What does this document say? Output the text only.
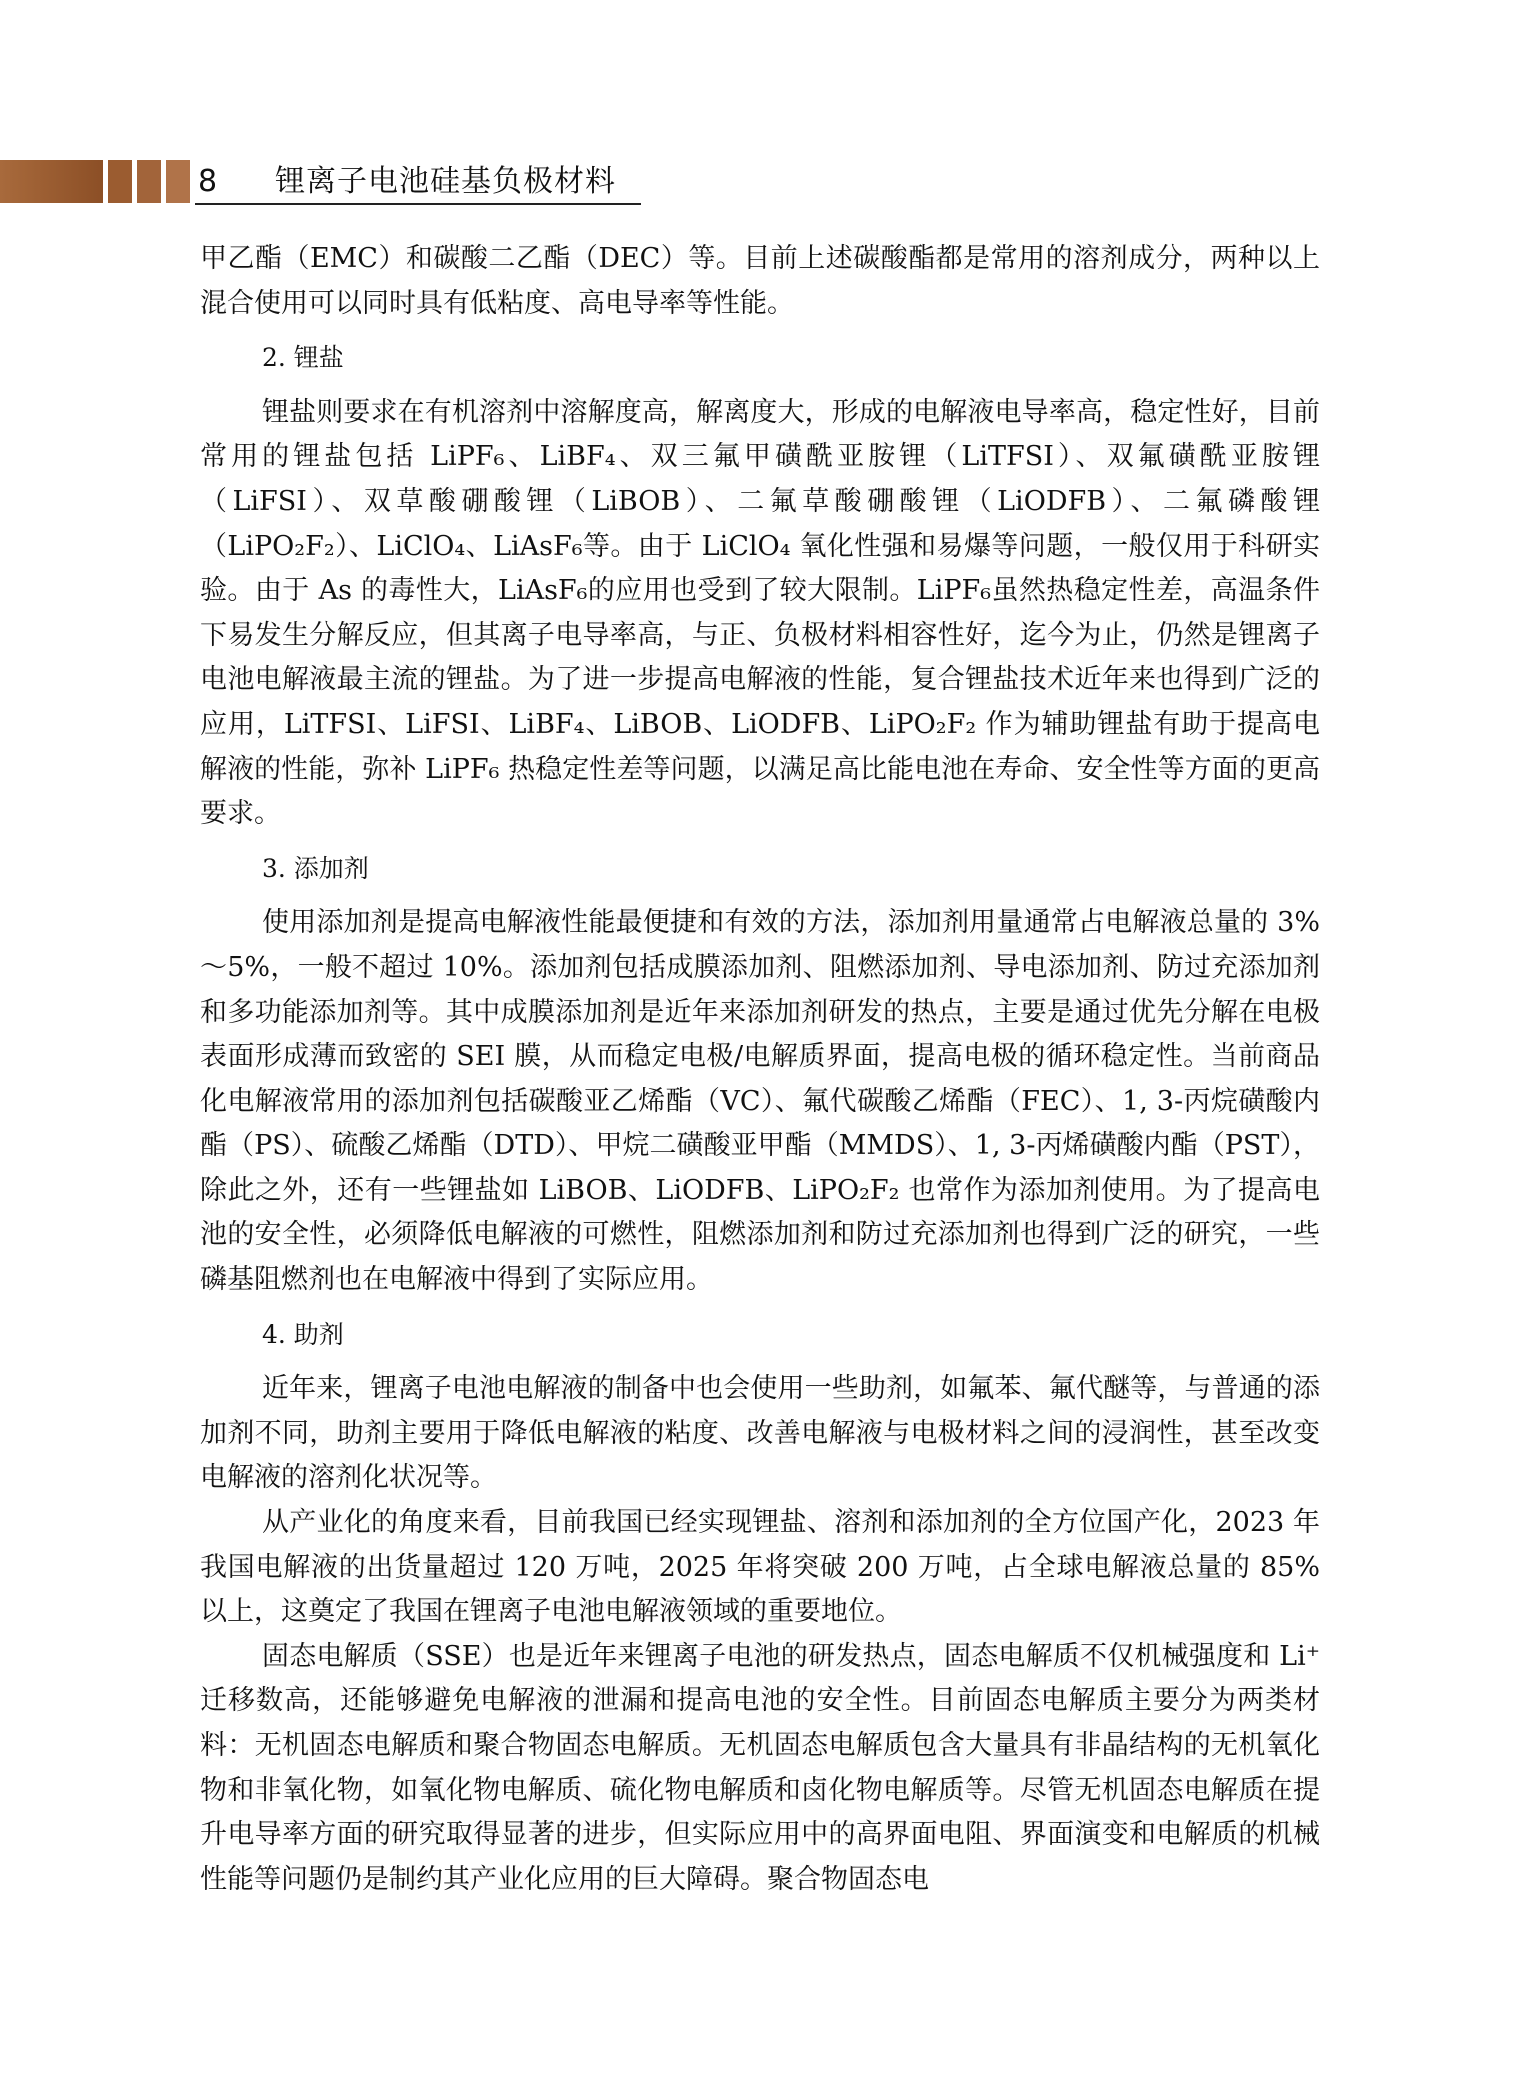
8 锂离子电池硅基负极材料

甲乙酯（EMC）和碳酸二乙酯（DEC）等。目前上述碳酸酯都是常用的溶剂成分，两种以上混合使用可以同时具有低粘度、高电导率等性能。

2. 锂盐

锂盐则要求在有机溶剂中溶解度高，解离度大，形成的电解液电导率高，稳定性好，目前常用的锂盐包括 LiPF₆、LiBF₄、双三氟甲磺酰亚胺锂（LiTFSI）、双氟磺酰亚胺锂（LiFSI）、双草酸硼酸锂（LiBOB）、二氟草酸硼酸锂（LiODFB）、二氟磷酸锂（LiPO₂F₂）、LiClO₄、LiAsF₆等。由于 LiClO₄ 氧化性强和易爆等问题，一般仅用于科研实验。由于 As 的毒性大，LiAsF₆的应用也受到了较大限制。LiPF₆虽然热稳定性差，高温条件下易发生分解反应，但其离子电导率高，与正、负极材料相容性好，迄今为止，仍然是锂离子电池电解液最主流的锂盐。为了进一步提高电解液的性能，复合锂盐技术近年来也得到广泛的应用，LiTFSI、LiFSI、LiBF₄、LiBOB、LiODFB、LiPO₂F₂ 作为辅助锂盐有助于提高电解液的性能，弥补 LiPF₆ 热稳定性差等问题，以满足高比能电池在寿命、安全性等方面的更高要求。

3. 添加剂

使用添加剂是提高电解液性能最便捷和有效的方法，添加剂用量通常占电解液总量的 3%～5%，一般不超过 10%。添加剂包括成膜添加剂、阻燃添加剂、导电添加剂、防过充添加剂和多功能添加剂等。其中成膜添加剂是近年来添加剂研发的热点，主要是通过优先分解在电极表面形成薄而致密的 SEI 膜，从而稳定电极/电解质界面，提高电极的循环稳定性。当前商品化电解液常用的添加剂包括碳酸亚乙烯酯（VC）、氟代碳酸乙烯酯（FEC）、1, 3-丙烷磺酸内酯（PS）、硫酸乙烯酯（DTD）、甲烷二磺酸亚甲酯（MMDS）、1, 3-丙烯磺酸内酯（PST），除此之外，还有一些锂盐如 LiBOB、LiODFB、LiPO₂F₂ 也常作为添加剂使用。为了提高电池的安全性，必须降低电解液的可燃性，阻燃添加剂和防过充添加剂也得到广泛的研究，一些磷基阻燃剂也在电解液中得到了实际应用。

4. 助剂

近年来，锂离子电池电解液的制备中也会使用一些助剂，如氟苯、氟代醚等，与普通的添加剂不同，助剂主要用于降低电解液的粘度、改善电解液与电极材料之间的浸润性，甚至改变电解液的溶剂化状况等。

从产业化的角度来看，目前我国已经实现锂盐、溶剂和添加剂的全方位国产化，2023 年我国电解液的出货量超过 120 万吨，2025 年将突破 200 万吨，占全球电解液总量的 85%以上，这奠定了我国在锂离子电池电解液领域的重要地位。

固态电解质（SSE）也是近年来锂离子电池的研发热点，固态电解质不仅机械强度和 Li⁺迁移数高，还能够避免电解液的泄漏和提高电池的安全性。目前固态电解质主要分为两类材料：无机固态电解质和聚合物固态电解质。无机固态电解质包含大量具有非晶结构的无机氧化物和非氧化物，如氧化物电解质、硫化物电解质和卤化物电解质等。尽管无机固态电解质在提升电导率方面的研究取得显著的进步，但实际应用中的高界面电阻、界面演变和电解质的机械性能等问题仍是制约其产业化应用的巨大障碍。聚合物固态电
